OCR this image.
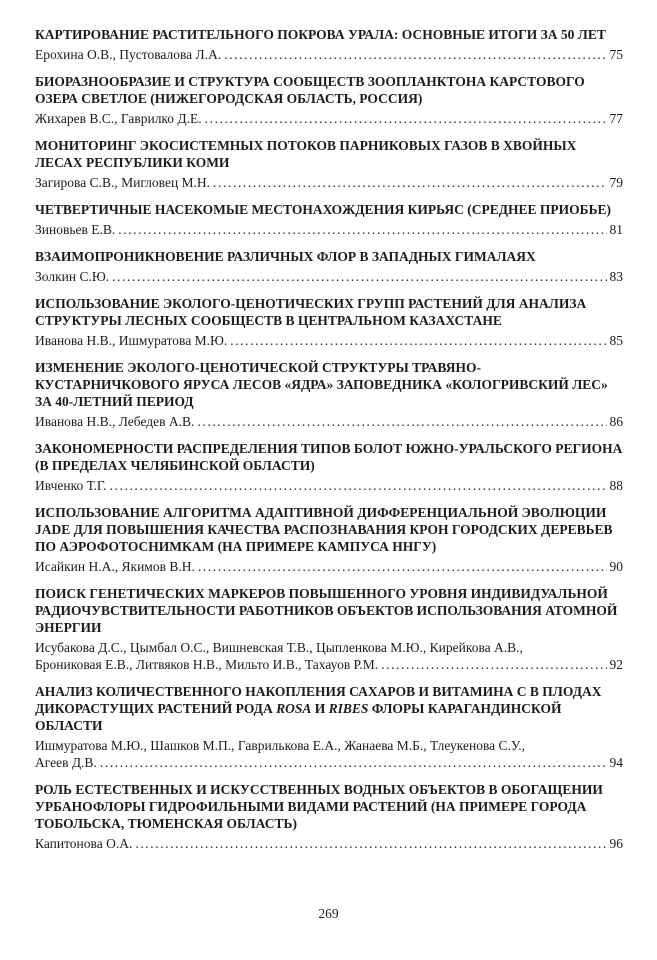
КАРТИРОВАНИЕ РАСТИТЕЛЬНОГО ПОКРОВА УРАЛА: ОСНОВНЫЕ ИТОГИ ЗА 50 ЛЕТ
Ерохина О.В., Пустовалова Л.А. .....	75
БИОРАЗНООБРАЗИЕ И СТРУКТУРА СООБЩЕСТВ ЗООПЛАНКТОНА КАРСТОВОГО ОЗЕРА СВЕТЛОЕ (НИЖЕГОРОДСКАЯ ОБЛАСТЬ, РОССИЯ)
Жихарев В.С., Гаврилко Д.Е. .....	77
МОНИТОРИНГ ЭКОСИСТЕМНЫХ ПОТОКОВ ПАРНИКОВЫХ ГАЗОВ В ХВОЙНЫХ ЛЕСАХ РЕСПУБЛИКИ КОМИ
Загирова С.В., Мигловец М.Н. .....	79
ЧЕТВЕРТИЧНЫЕ НАСЕКОМЫЕ МЕСТОНАХОЖДЕНИЯ КИРЬЯС (СРЕДНЕЕ ПРИОБЬЕ)
Зиновьев Е.В. .....	81
ВЗАИМОПРОНИКНОВЕНИЕ РАЗЛИЧНЫХ ФЛОР В ЗАПАДНЫХ ГИМАЛАЯХ
Золкин С.Ю. .....	83
ИСПОЛЬЗОВАНИЕ ЭКОЛОГО-ЦЕНОТИЧЕСКИХ ГРУПП РАСТЕНИЙ ДЛЯ АНАЛИЗА СТРУКТУРЫ ЛЕСНЫХ СООБЩЕСТВ В ЦЕНТРАЛЬНОМ КАЗАХСТАНЕ
Иванова Н.В., Ишмуратова М.Ю. .....	85
ИЗМЕНЕНИЕ ЭКОЛОГО-ЦЕНОТИЧЕСКОЙ СТРУКТУРЫ ТРАВЯНО-КУСТАРНИЧКОВОГО ЯРУСА ЛЕСОВ «ЯДРА» ЗАПОВЕДНИКА «КОЛОГРИВСКИЙ ЛЕС» ЗА 40-ЛЕТНИЙ ПЕРИОД
Иванова Н.В., Лебедев А.В. .....	86
ЗАКОНОМЕРНОСТИ РАСПРЕДЕЛЕНИЯ ТИПОВ БОЛОТ ЮЖНО-УРАЛЬСКОГО РЕГИОНА (В ПРЕДЕЛАХ ЧЕЛЯБИНСКОЙ ОБЛАСТИ)
Ивченко Т.Г. .....	88
ИСПОЛЬЗОВАНИЕ АЛГОРИТМА АДАПТИВНОЙ ДИФФЕРЕНЦИАЛЬНОЙ ЭВОЛЮЦИИ JADE ДЛЯ ПОВЫШЕНИЯ КАЧЕСТВА РАСПОЗНАВАНИЯ КРОН ГОРОДСКИХ ДЕРЕВЬЕВ ПО АЭРОФОТОСНИМКАМ (НА ПРИМЕРЕ КАМПУСА ННГУ)
Исайкин Н.А., Якимов В.Н. .....	90
ПОИСК ГЕНЕТИЧЕСКИХ МАРКЕРОВ ПОВЫШЕННОГО УРОВНЯ ИНДИВИДУАЛЬНОЙ РАДИОЧУВСТВИТЕЛЬНОСТИ РАБОТНИКОВ ОБЪЕКТОВ ИСПОЛЬЗОВАНИЯ АТОМНОЙ ЭНЕРГИИ
Исубакова Д.С., Цымбал О.С., Вишневская Т.В., Цыпленкова М.Ю., Кирейкова А.В.,
Брониковая Е.В., Литвяков Н.В., Мильто И.В., Тахауов Р.М. .....	92
АНАЛИЗ КОЛИЧЕСТВЕННОГО НАКОПЛЕНИЯ САХАРОВ И ВИТАМИНА С В ПЛОДАХ ДИКОРАСТУЩИХ РАСТЕНИЙ РОДА ROSA И RIBES ФЛОРЫ КАРАГАНДИНСКОЙ ОБЛАСТИ
Ишмуратова М.Ю., Шашков М.П., Гаврилькова Е.А., Жанаева М.Б., Тлеукенова С.У.,
Агеев Д.В. .....	94
РОЛЬ ЕСТЕСТВЕННЫХ И ИСКУССТВЕННЫХ ВОДНЫХ ОБЪЕКТОВ В ОБОГАЩЕНИИ УРБАНОФЛОРЫ ГИДРОФИЛЬНЫМИ ВИДАМИ РАСТЕНИЙ (НА ПРИМЕРЕ ГОРОДА ТОБОЛЬСКА, ТЮМЕНСКАЯ ОБЛАСТЬ)
Капитонова О.А. .....	96
269
